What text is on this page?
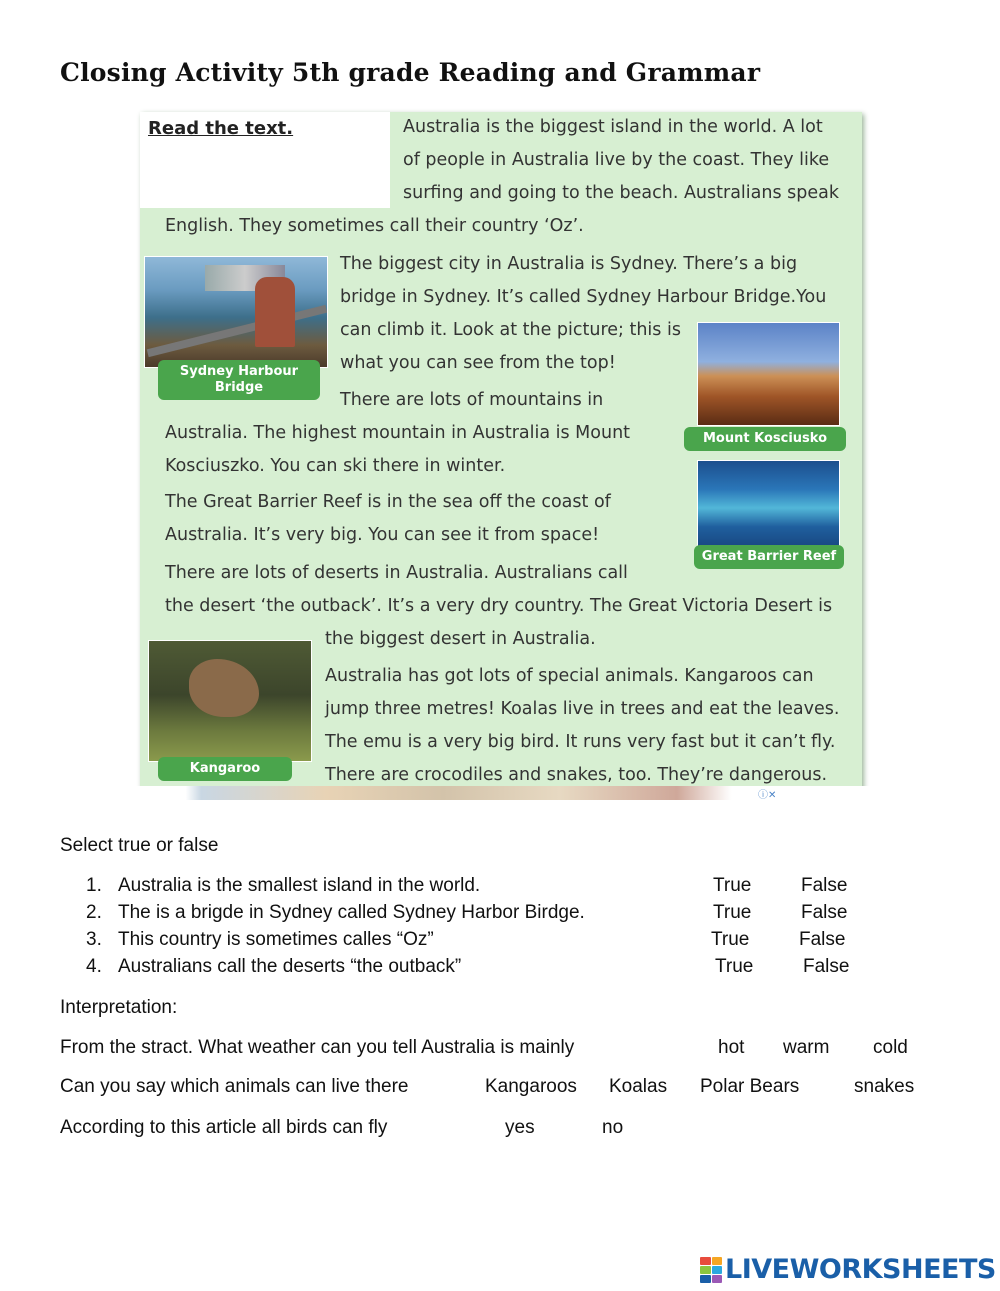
Closing Activity 5th grade Reading and Grammar
Read the text.	Australia is the biggest island in the world. A lot
of people in Australia live by the coast. They like
surfing and going to the beach. Australians speak
English. They sometimes call their country ‘Oz’.
The biggest city in Australia is Sydney. There’s a big
bridge in Sydney. It’s called Sydney Harbour Bridge.You
can climb it. Look at the picture; this is
what you can see from the top!
There are lots of mountains in
Australia. The highest mountain in Australia is Mount
Kosciuszko. You can ski there in winter.
The Great Barrier Reef is in the sea off the coast of
Australia. It’s very big. You can see it from space!
There are lots of deserts in Australia. Australians call
the desert ‘the outback’. It’s a very dry country. The Great Victoria Desert is
the biggest desert in Australia.
Australia has got lots of special animals. Kangaroos can
jump three metres! Koalas live in trees and eat the leaves.
The emu is a very big bird. It runs very fast but it can’t fly.
There are crocodiles and snakes, too. They’re dangerous.
Sydney Harbour Bridge
Mount Kosciusko
Great Barrier Reef
Kangaroo
ⓘ✕
Select true or false
1. Australia is the smallest island in the world.	True	False
2. The is a brigde in Sydney called Sydney Harbor Birdge.	True	False
3. This country is sometimes calles “Oz”	True	False
4. Australians call the deserts “the outback”	True	False
Interpretation:
From the stract. What weather can you tell Australia is mainly	hot warm cold
Can you say which animals can live there	Kangaroos Koalas Polar Bears	snakes
According to this article all birds can fly	yes	no
LIVEWORKSHEETS
